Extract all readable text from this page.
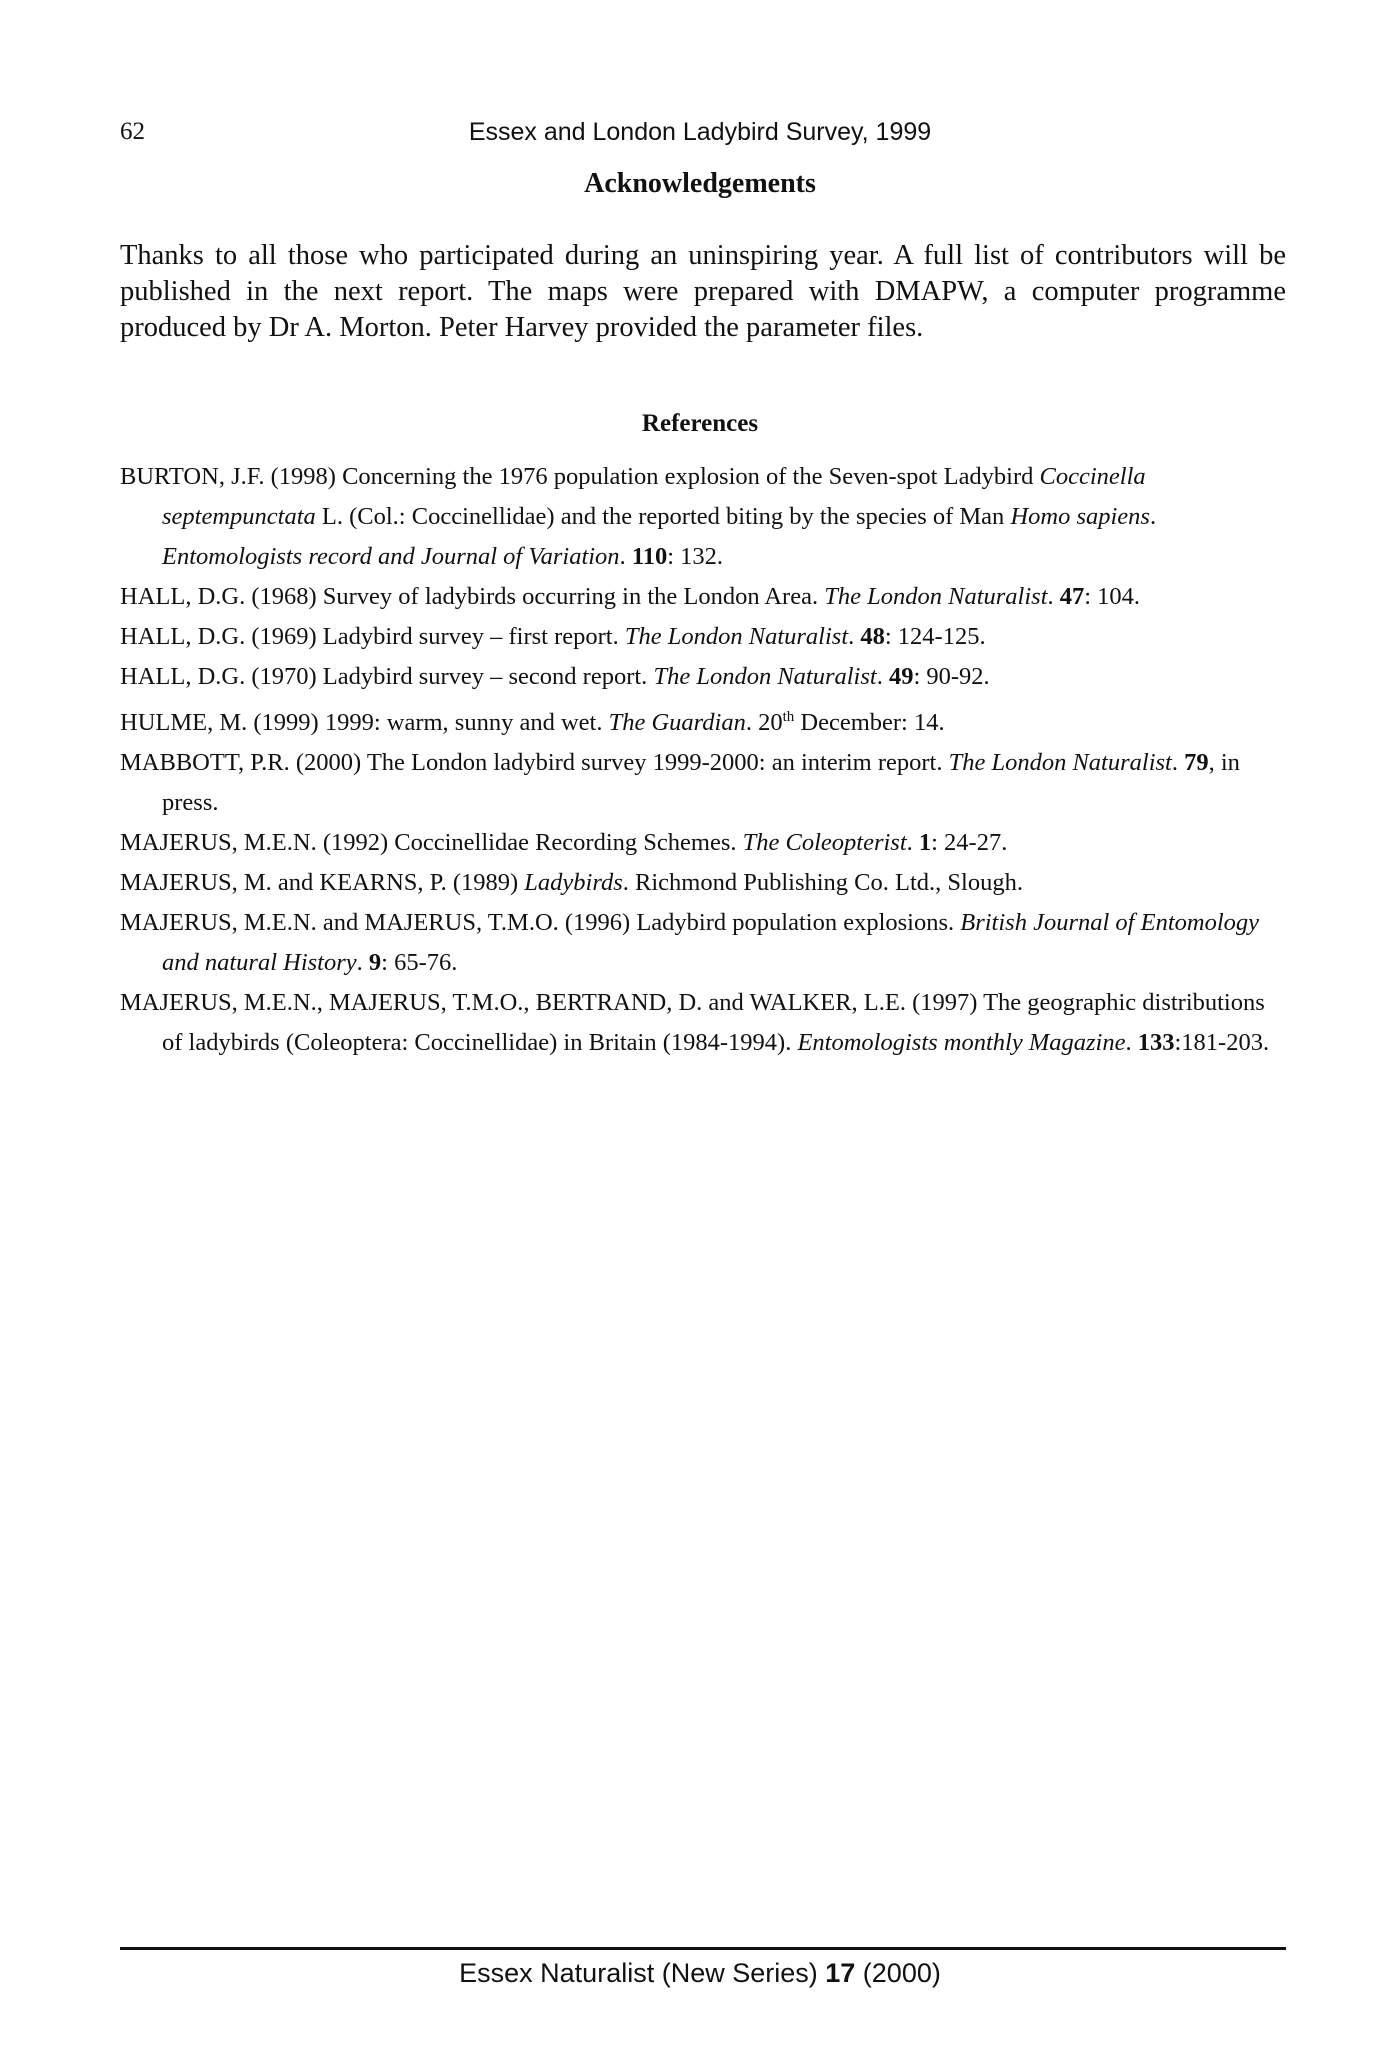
62	Essex and London Ladybird Survey, 1999
Acknowledgements
Thanks to all those who participated during an uninspiring year. A full list of contributors will be published in the next report. The maps were prepared with DMAPW, a computer programme produced by Dr A. Morton. Peter Harvey provided the parameter files.
References
BURTON, J.F. (1998) Concerning the 1976 population explosion of the Seven-spot Ladybird Coccinella septempunctata L. (Col.: Coccinellidae) and the reported biting by the species of Man Homo sapiens. Entomologists record and Journal of Variation. 110: 132.
HALL, D.G. (1968) Survey of ladybirds occurring in the London Area. The London Naturalist. 47: 104.
HALL, D.G. (1969) Ladybird survey – first report. The London Naturalist. 48: 124-125.
HALL, D.G. (1970) Ladybird survey – second report. The London Naturalist. 49: 90-92.
HULME, M. (1999) 1999: warm, sunny and wet. The Guardian. 20th December: 14.
MABBOTT, P.R. (2000) The London ladybird survey 1999-2000: an interim report. The London Naturalist. 79, in press.
MAJERUS, M.E.N. (1992) Coccinellidae Recording Schemes. The Coleopterist. 1: 24-27.
MAJERUS, M. and KEARNS, P. (1989) Ladybirds. Richmond Publishing Co. Ltd., Slough.
MAJERUS, M.E.N. and MAJERUS, T.M.O. (1996) Ladybird population explosions. British Journal of Entomology and natural History. 9: 65-76.
MAJERUS, M.E.N., MAJERUS, T.M.O., BERTRAND, D. and WALKER, L.E. (1997) The geographic distributions of ladybirds (Coleoptera: Coccinellidae) in Britain (1984-1994). Entomologists monthly Magazine. 133:181-203.
Essex Naturalist (New Series) 17 (2000)
